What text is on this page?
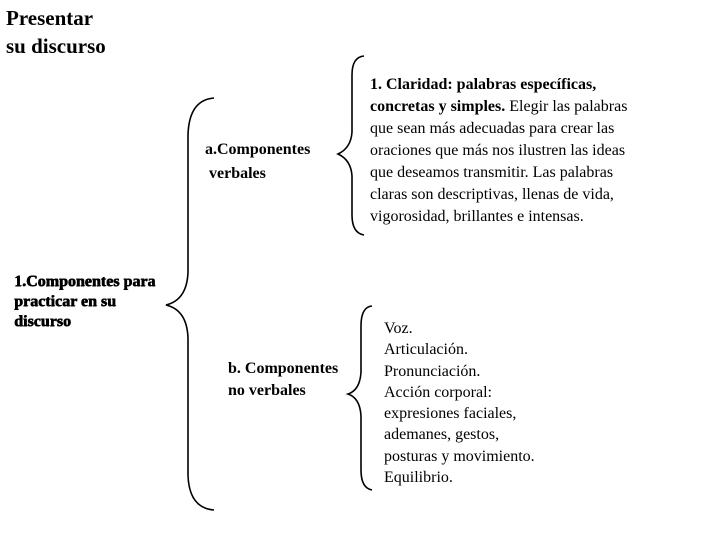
Presentar
su discurso
1.Componentes para
practicar en su
discurso
a.Componentes
verbales
1. Claridad: palabras específicas,
concretas y simples. Elegir las palabras
que sean más adecuadas para crear las
oraciones que más nos ilustren las ideas
que deseamos transmitir. Las palabras
claras son descriptivas, llenas de vida,
vigorosidad, brillantes e intensas.
b. Componentes
no verbales
Voz.
Articulación.
Pronunciación.
Acción corporal:
expresiones faciales,
ademanes, gestos,
posturas y movimiento.
Equilibrio.
